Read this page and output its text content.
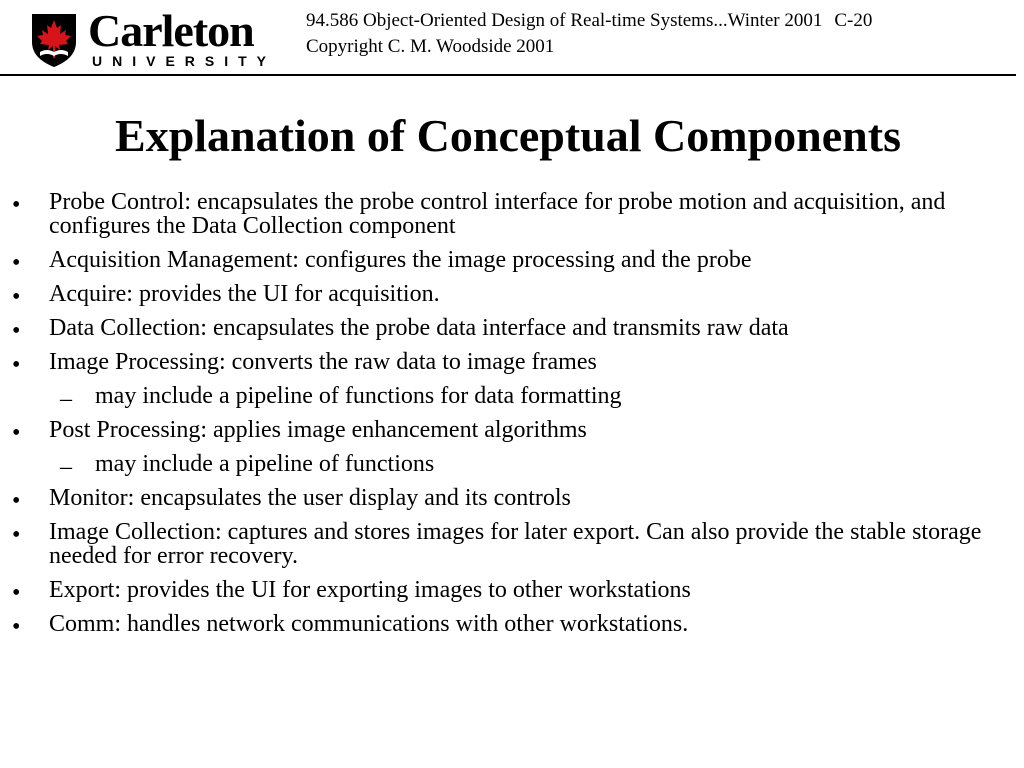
Carleton
UNIVERSITY
94.586 Object-Oriented Design of Real-time Systems...Winter 2001 C-20
Copyright C. M. Woodside 2001
Explanation of Conceptual Components
•	Probe Control: encapsulates the probe control interface for probe motion and acquisition, and configures the Data Collection component
•	Acquisition Management: configures the image processing and the probe
•	Acquire: provides the UI for acquisition.
•	Data Collection: encapsulates the probe data interface and transmits raw data
•	Image Processing: converts the raw data to image frames
– may include a pipeline of functions for data formatting
•	Post Processing: applies image enhancement algorithms
– may include a pipeline of functions
•	Monitor: encapsulates the user display and its controls
•	Image Collection: captures and stores images for later export. Can also provide the stable storage needed for error recovery.
•	Export: provides the UI for exporting images to other workstations
•	Comm: handles network communications with other workstations.
